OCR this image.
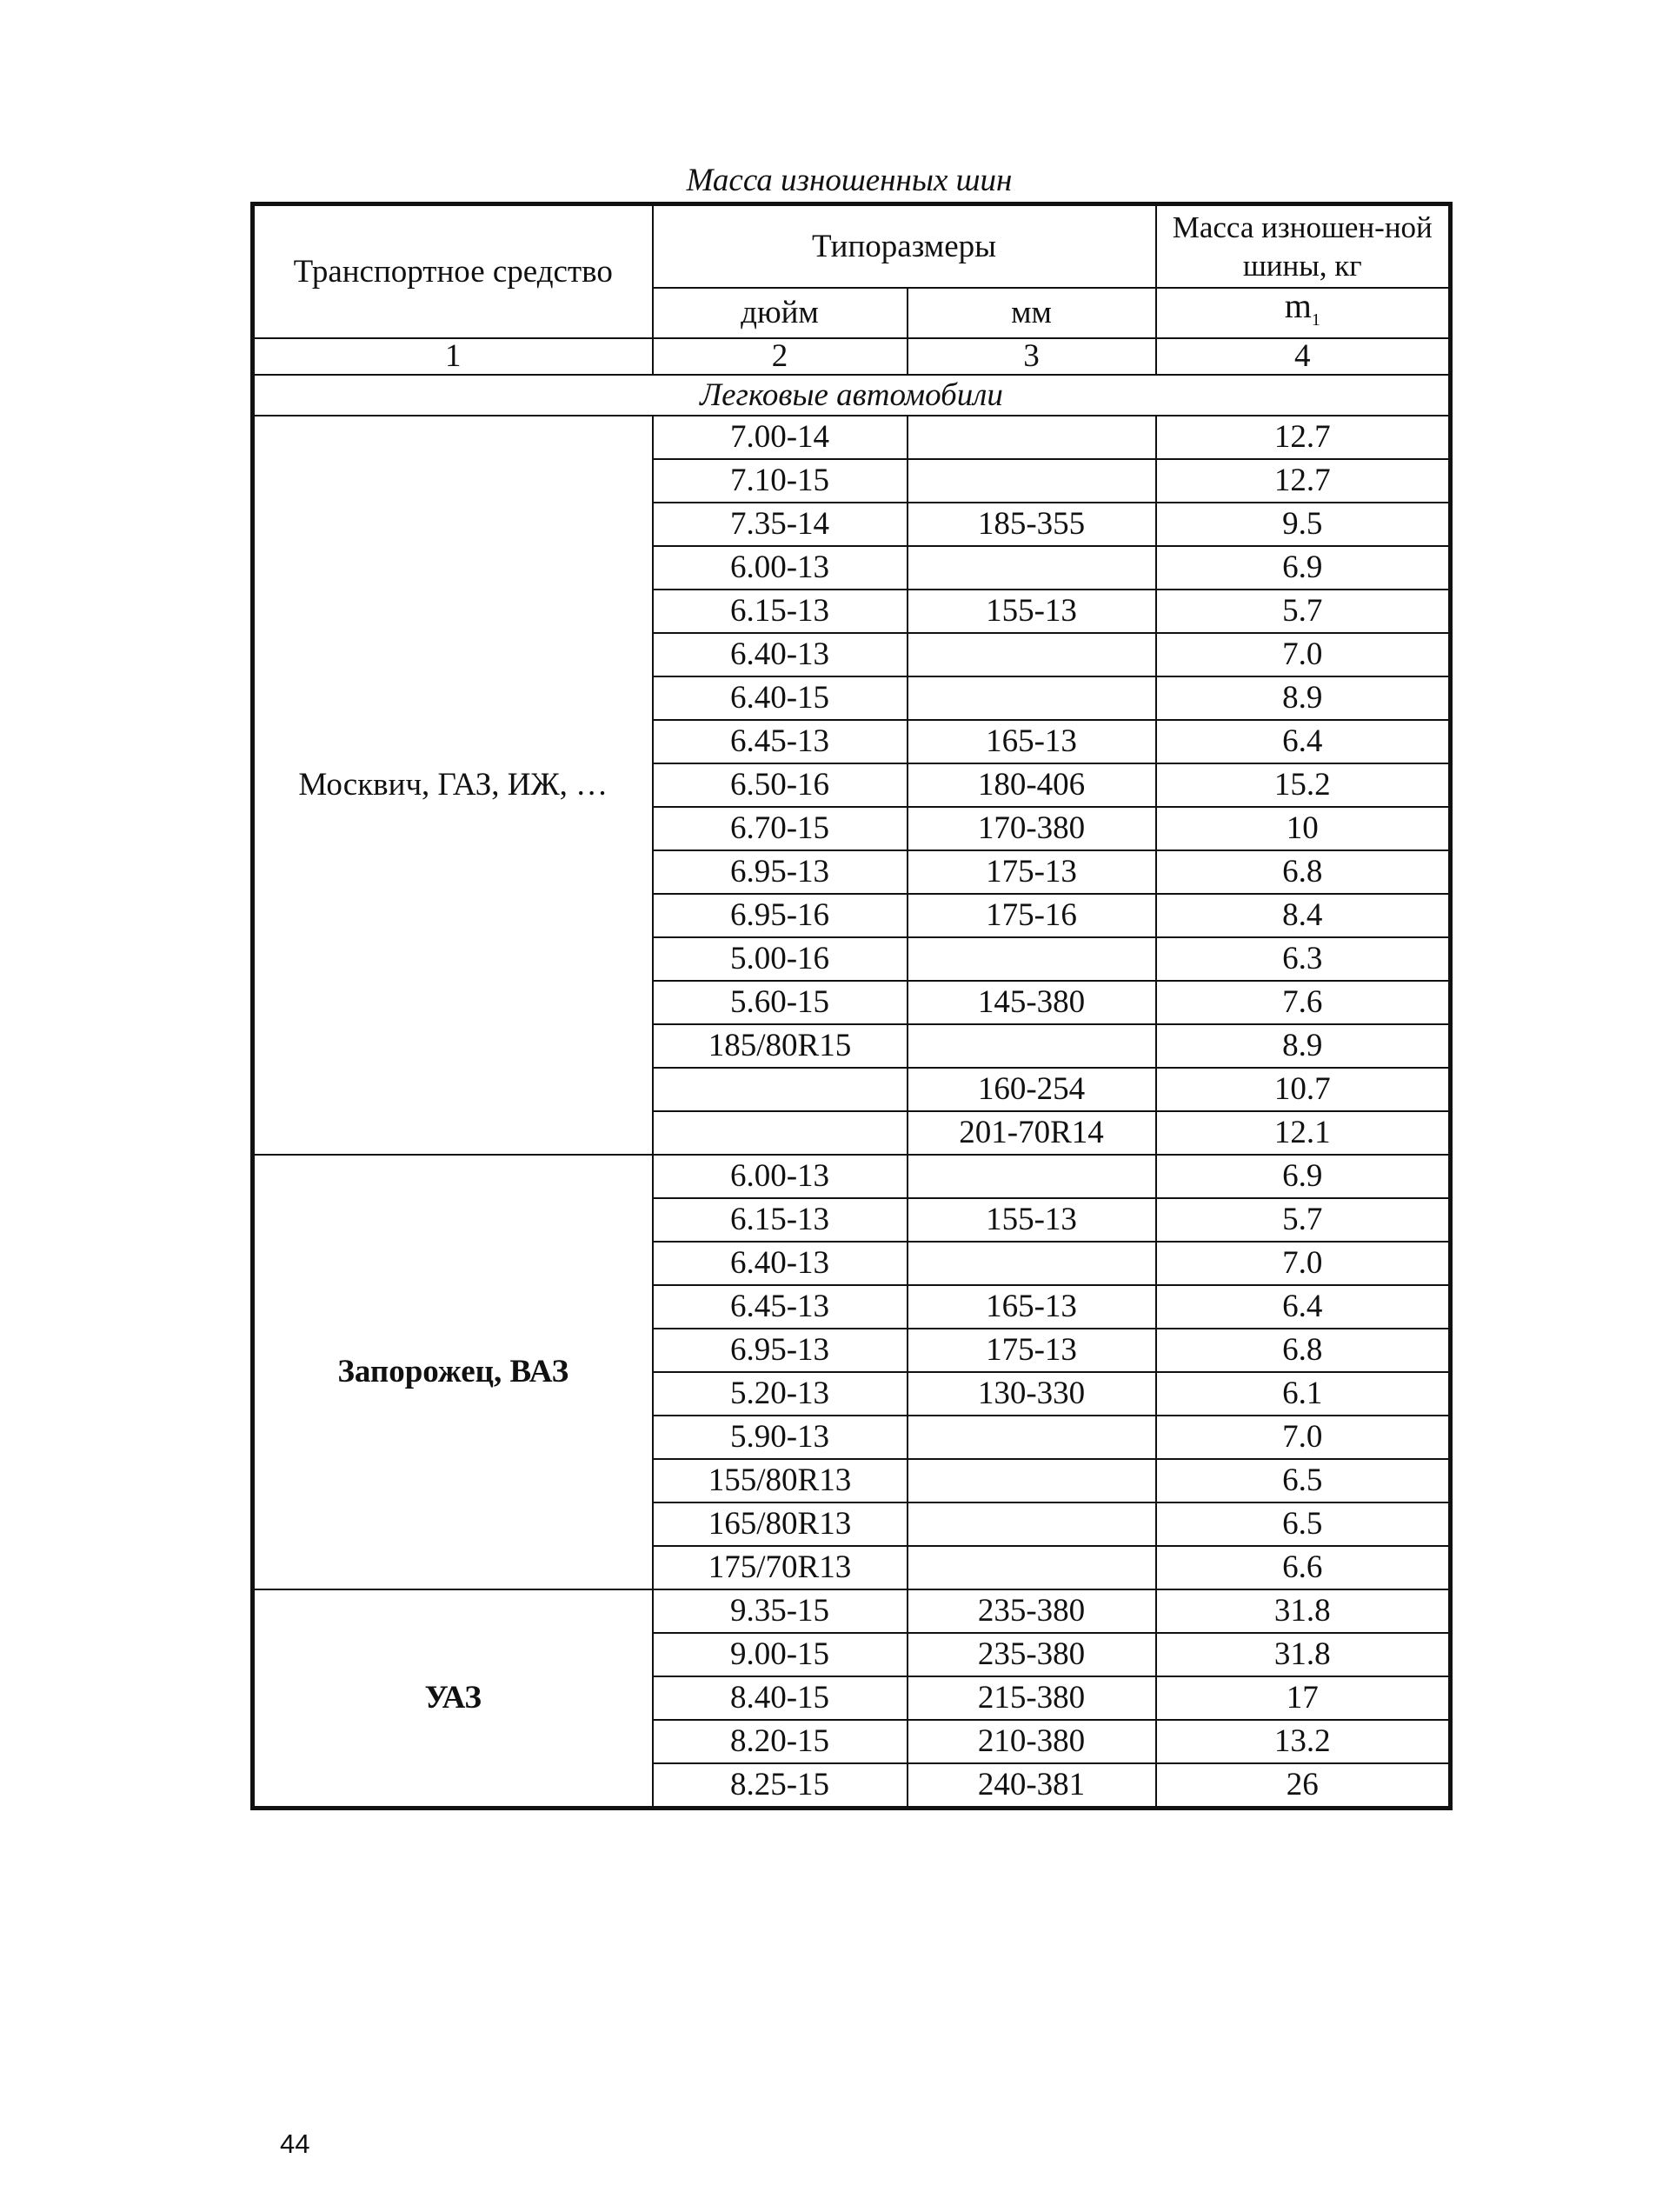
Масса изношенных шин
Транспортное средство	Типоразмеры		Масса изношен-ной шины, кг
	дюйм	мм	$m_1$
1	2	3	4
Легковые автомобили			
Москвич, ГАЗ, ИЖ, …	7.00-14		12.7
	7.10-15		12.7
	7.35-14	185-355	9.5
	6.00-13		6.9
	6.15-13	155-13	5.7
	6.40-13		7.0
	6.40-15		8.9
	6.45-13	165-13	6.4
	6.50-16	180-406	15.2
	6.70-15	170-380	10
	6.95-13	175-13	6.8
	6.95-16	175-16	8.4
	5.00-16		6.3
	5.60-15	145-380	7.6
	185/80R15		8.9
		160-254	10.7
		201-70R14	12.1
Запорожец, ВАЗ	6.00-13		6.9
	6.15-13	155-13	5.7
	6.40-13		7.0
	6.45-13	165-13	6.4
	6.95-13	175-13	6.8
	5.20-13	130-330	6.1
	5.90-13		7.0
	155/80R13		6.5
	165/80R13		6.5
	175/70R13		6.6
УАЗ	9.35-15	235-380	31.8
	9.00-15	235-380	31.8
	8.40-15	215-380	17
	8.20-15	210-380	13.2
	8.25-15	240-381	26
44
